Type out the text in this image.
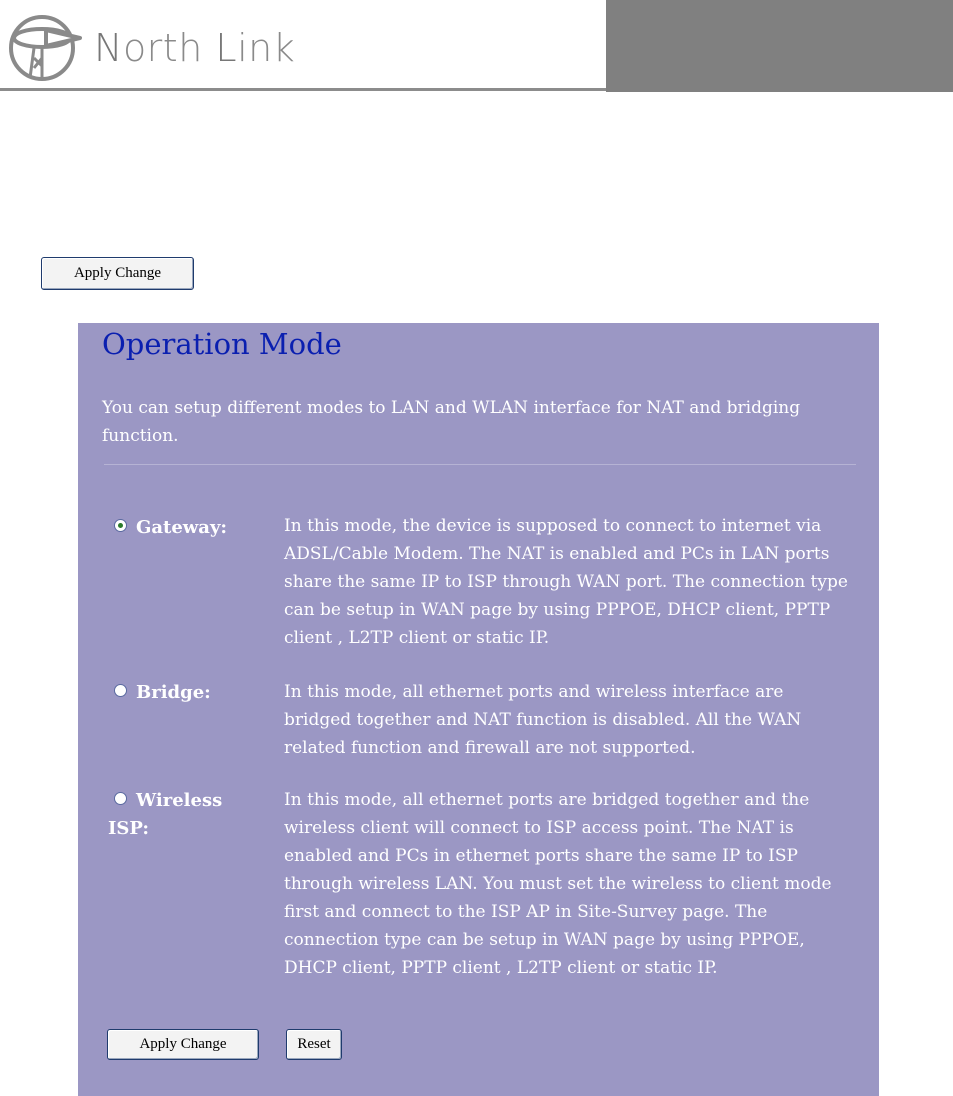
North Link
Apply Change
Operation Mode
You can setup different modes to LAN and WLAN interface for NAT and bridging function.
Gateway:	In this mode, the device is supposed to connect to internet via ADSL/Cable Modem. The NAT is enabled and PCs in LAN ports share the same IP to ISP through WAN port. The connection type can be setup in WAN page by using PPPOE, DHCP client, PPTP client , L2TP client or static IP.
Bridge:	In this mode, all ethernet ports and wireless interface are bridged together and NAT function is disabled. All the WAN related function and firewall are not supported.
Wireless ISP:
In this mode, all ethernet ports are bridged together and the wireless client will connect to ISP access point. The NAT is enabled and PCs in ethernet ports share the same IP to ISP through wireless LAN. You must set the wireless to client mode first and connect to the ISP AP in Site-Survey page. The connection type can be setup in WAN page by using PPPOE, DHCP client, PPTP client , L2TP client or static IP.
Apply Change	Reset
